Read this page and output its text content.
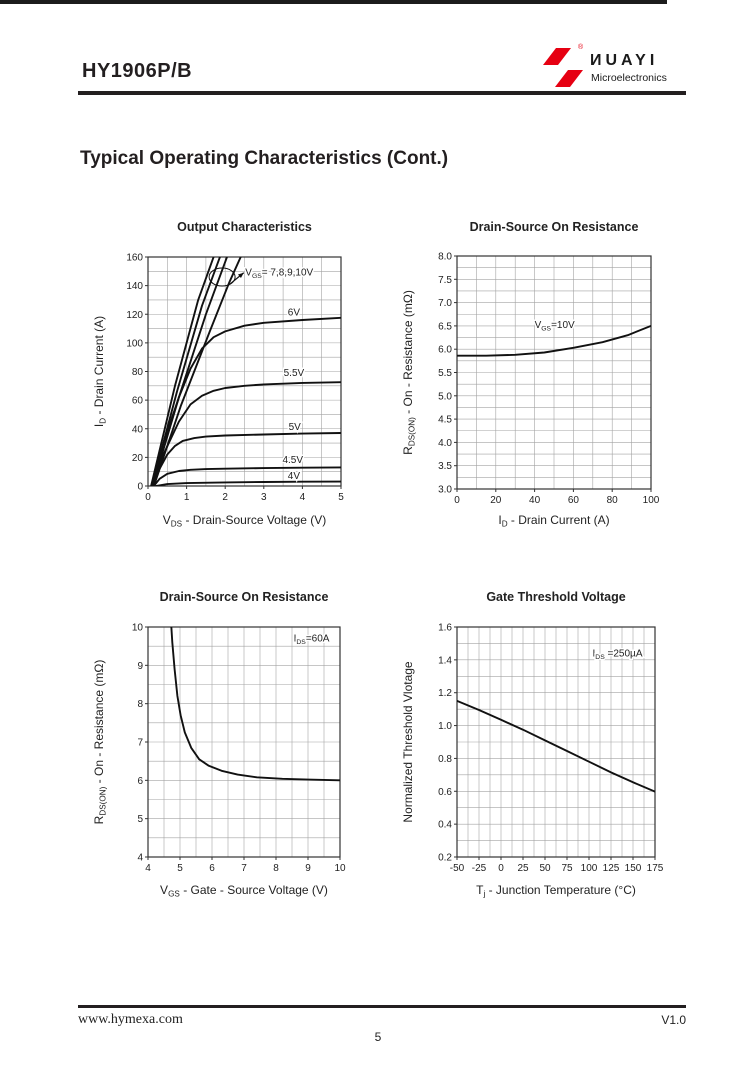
HY1906P/B
®
ИUAYI
Microelectronics
Typical Operating Characteristics (Cont.)
0	1	2	3	4	5
0
20
40
60
80
100
120
140
160
6V
5.5V
5V
4.5V
4V
$V_{GS}= 7,8,9,10V$
Output Characteristics
$V_{DS}$ - Drain-Source Voltage (V)
$I_D$ - Drain Current (A)
0	20	40	60	80 100
3.0
3.5
4.0
4.5
5.0
5.5
6.0
6.5
7.0
7.5
8.0
$V_{GS}=10V$
Drain-Source On Resistance
$I_D$ - Drain Current (A)
$R_{DS(ON)}$ - On - Resistance (mΩ)
4	5	6	7	8	9 10
4
5
6
7
8
9
10
$I_{DS}=60A$
Drain-Source On Resistance
$V_{GS}$ - Gate - Source Voltage (V)
$R_{DS(ON)}$ - On - Resistance (mΩ)
-50 -25 0 25 50 75 100 125 150 175
0.2
0.4
0.6
0.8
1.0
1.2
1.4
1.6
$I_{DS} =250\mu A$
Gate Threshold Voltage
$T_j$ - Junction Temperature (°C)
Normalized Threshold Vlotage
www.hymexa.com	V1.0
5
